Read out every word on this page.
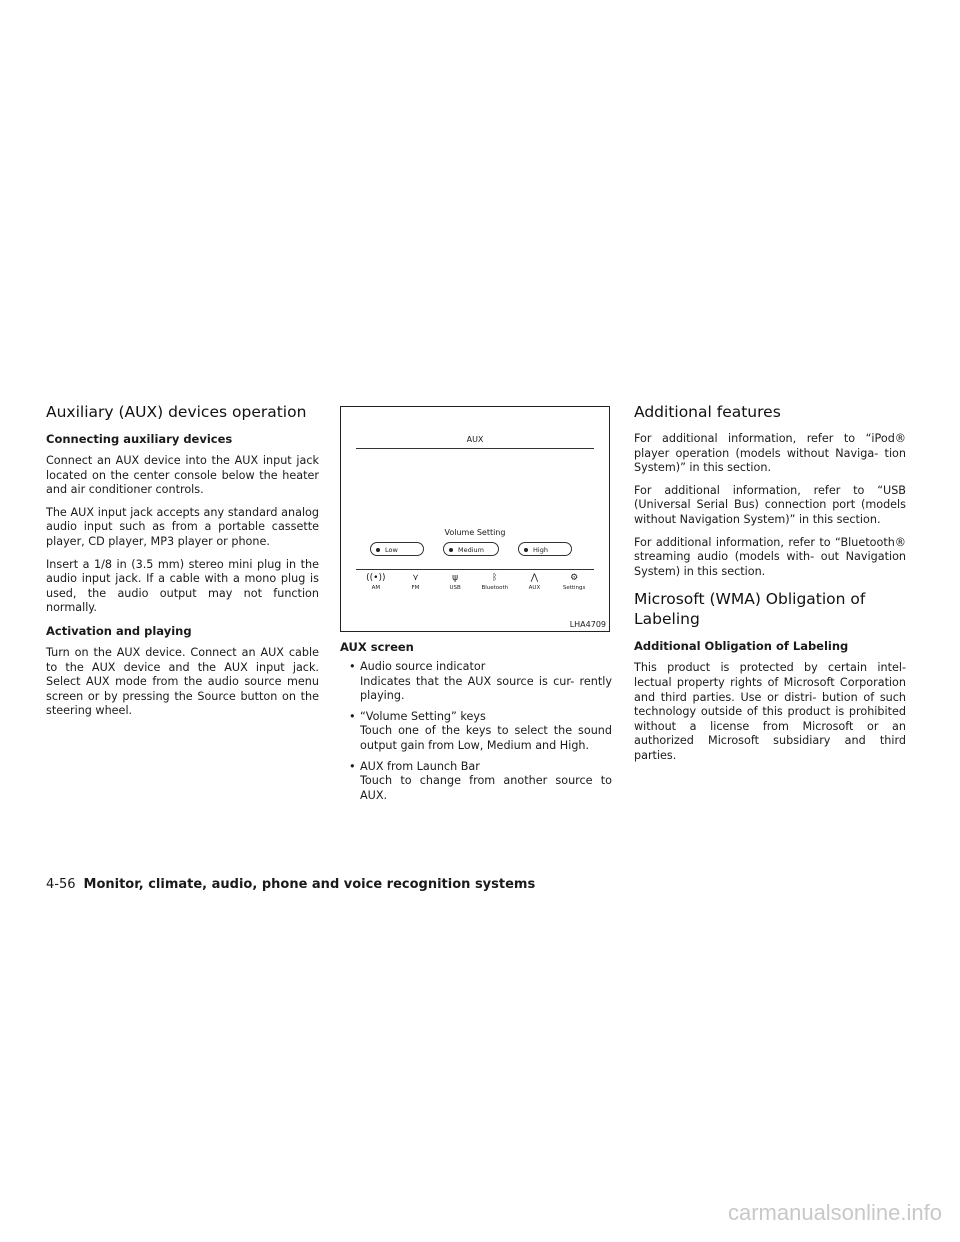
Auxiliary (AUX) devices operation
Connecting auxiliary devices

Connect an AUX device into the AUX input jack located on the center console below the heater and air conditioner controls.

The AUX input jack accepts any standard analog audio input such as from a portable cassette player, CD player, MP3 player or phone.

Insert a 1/8 in (3.5 mm) stereo mini plug in the audio input jack. If a cable with a mono plug is used, the audio output may not function normally.

Activation and playing

Turn on the AUX device. Connect an AUX cable to the AUX device and the AUX input jack. Select AUX mode from the audio source menu screen or by pressing the Source button on the steering wheel.

AUX
Volume Setting
Low	Medium	High
((•))
AM
⋎
FM
ψ
USB
ᛒ
Bluetooth
⋀
AUX
⚙
Settings
LHA4709
AUX screen
• Audio source indicator
Indicates that the AUX source is cur- rently playing.
• “Volume Setting” keys
Touch one of the keys to select the sound output gain from Low, Medium and High.
• AUX from Launch Bar
Touch to change from another source to AUX.
Additional features

For additional information, refer to “iPod® player operation (models without Naviga- tion System)” in this section.

For additional information, refer to “USB (Universal Serial Bus) connection port (models without Navigation System)” in this section.

For additional information, refer to “Bluetooth® streaming audio (models with- out Navigation System) in this section.

Microsoft (WMA) Obligation of Labeling
Additional Obligation of Labeling

This product is protected by certain intel- lectual property rights of Microsoft Corporation and third parties. Use or distri- bution of such technology outside of this product is prohibited without a license from Microsoft or an authorized Microsoft subsidiary and third parties.

4-56 Monitor, climate, audio, phone and voice recognition systems
carmanualsonline.info
